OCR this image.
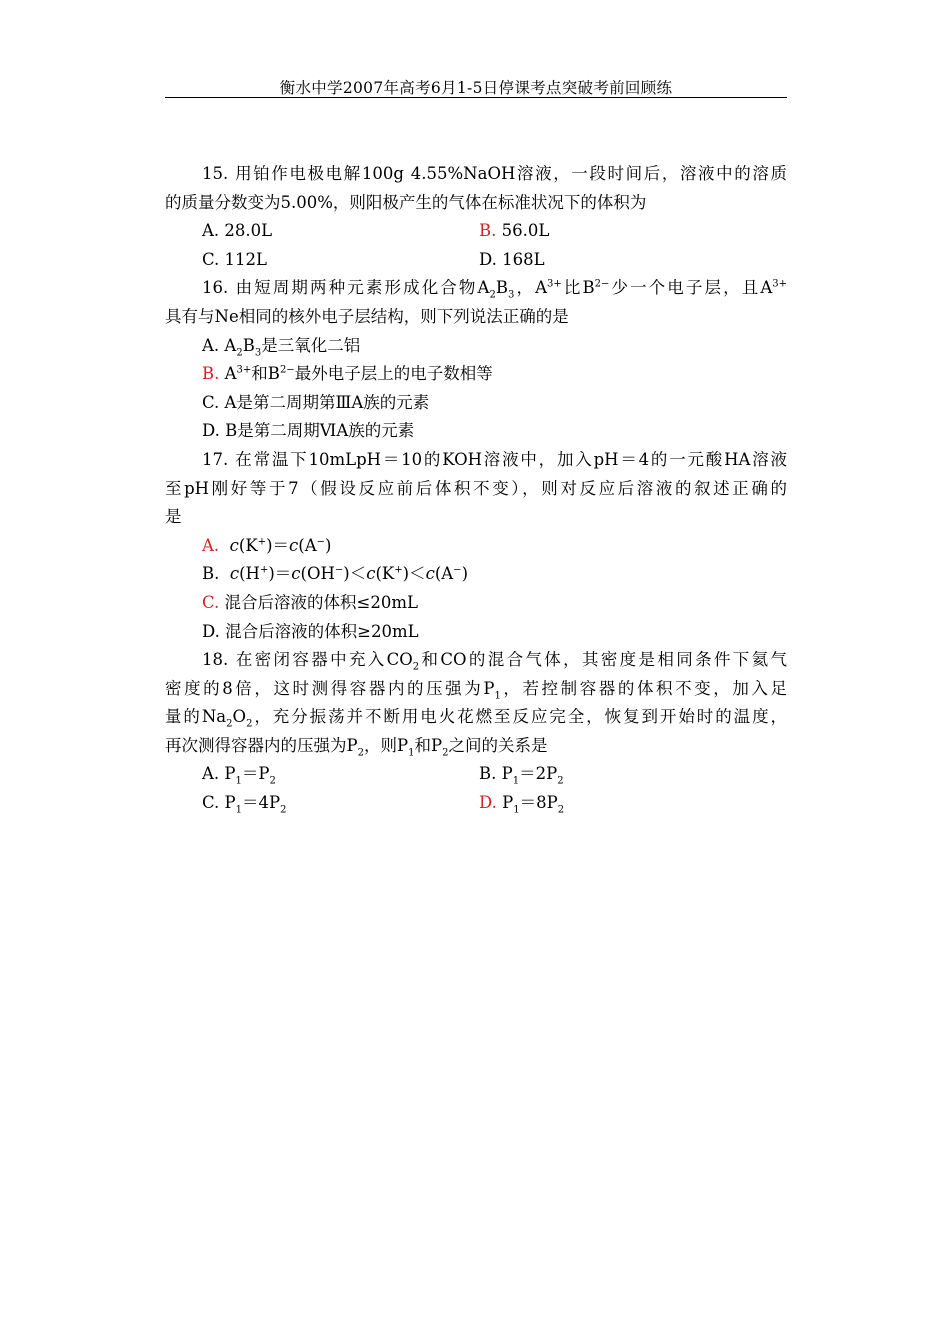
衡水中学2007年高考6月1-5日停课考点突破考前回顾练
15. 用铂作电极电解100g 4.55%NaOH溶液，一段时间后，溶液中的溶质
的质量分数变为5.00%，则阳极产生的气体在标准状况下的体积为
A. 28.0L	B. 56.0L
C. 112L	D. 168L
16. 由短周期两种元素形成化合物$A_2B_3$，$A^{3+}$比$B^{2-}$少一个电子层，且$A^{3+}$
具有与Ne相同的核外电子层结构，则下列说法正确的是
A. $A_2B_3$是三氧化二铝
B. $A^{3+}$和$B^{2-}$最外电子层上的电子数相等
C. A是第二周期第ⅢA族的元素
D. B是第二周期ⅥA族的元素
17. 在常温下10mLpH＝10的KOH溶液中，加入pH＝4的一元酸HA溶液
至pH刚好等于7（假设反应前后体积不变），则对反应后溶液的叙述正确的
是
A. c(K+)＝c(A−)
B. c(H+)＝c(OH−)＜c(K+)＜c(A−)
C. 混合后溶液的体积≤20mL
D. 混合后溶液的体积≥20mL
18. 在密闭容器中充入$CO_2$和CO的混合气体，其密度是相同条件下氦气
密度的8倍，这时测得容器内的压强为$P_1$，若控制容器的体积不变，加入足
量的$Na_2O_2$，充分振荡并不断用电火花燃至反应完全，恢复到开始时的温度，
再次测得容器内的压强为$P_2$，则$P_1$和$P_2$之间的关系是
A. $P_1=P_2$	B. $P_1=2P_2$
C. $P_1=4P_2$	D. $P_1=8P_2$
